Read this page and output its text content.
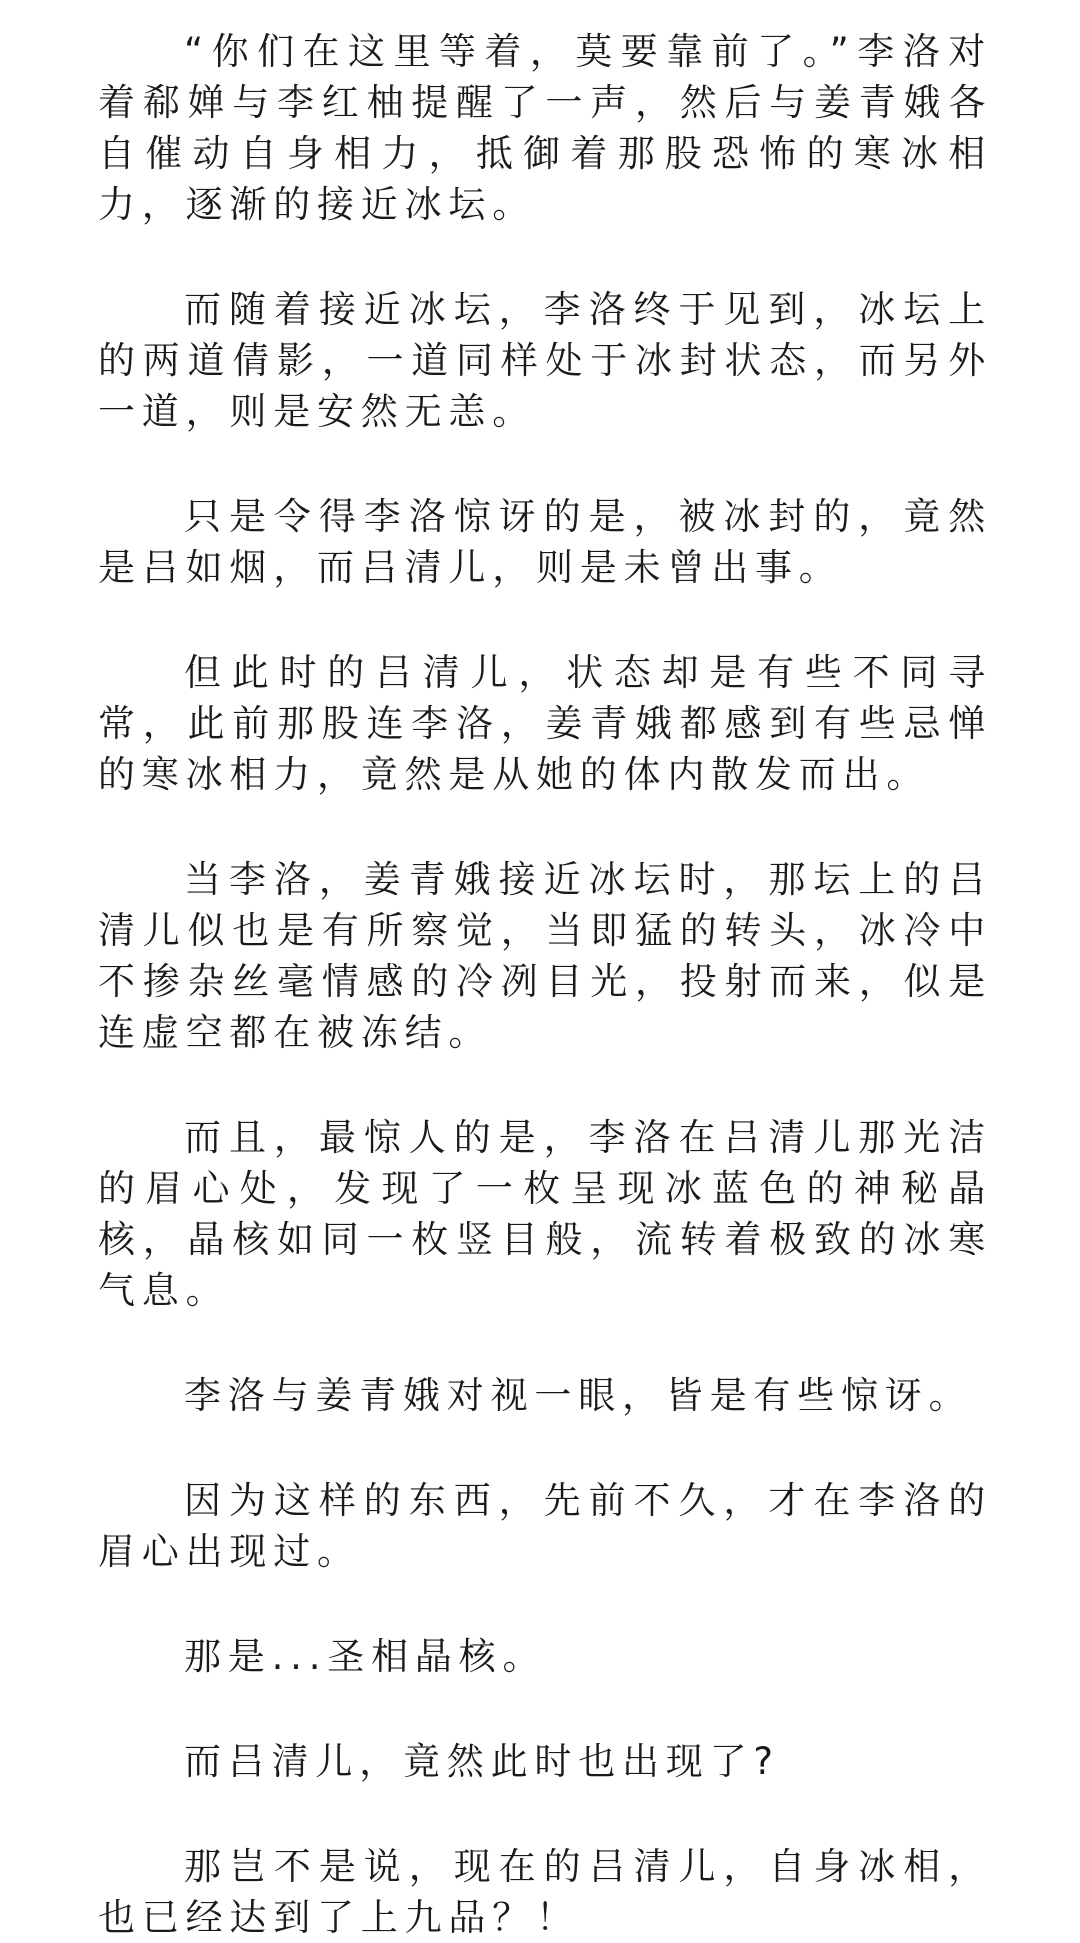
“你们在这里等着，莫要靠前了。”李洛对着郗婵与李红柚提醒了一声，然后与姜青娥各自催动自身相力，抵御着那股恐怖的寒冰相力，逐渐的接近冰坛。

而随着接近冰坛，李洛终于见到，冰坛上的两道倩影，一道同样处于冰封状态，而另外一道，则是安然无恙。

只是令得李洛惊讶的是，被冰封的，竟然是吕如烟，而吕清儿，则是未曾出事。

但此时的吕清儿，状态却是有些不同寻常，此前那股连李洛，姜青娥都感到有些忌惮的寒冰相力，竟然是从她的体内散发而出。

当李洛，姜青娥接近冰坛时，那坛上的吕清儿似也是有所察觉，当即猛的转头，冰冷中不掺杂丝毫情感的冷冽目光，投射而来，似是连虚空都在被冻结。

而且，最惊人的是，李洛在吕清儿那光洁的眉心处，发现了一枚呈现冰蓝色的神秘晶核，晶核如同一枚竖目般，流转着极致的冰寒气息。

李洛与姜青娥对视一眼，皆是有些惊讶。

因为这样的东西，先前不久，才在李洛的眉心出现过。

那是...圣相晶核。

而吕清儿，竟然此时也出现了?

那岂不是说，现在的吕清儿，自身冰相，也已经达到了上九品？！
